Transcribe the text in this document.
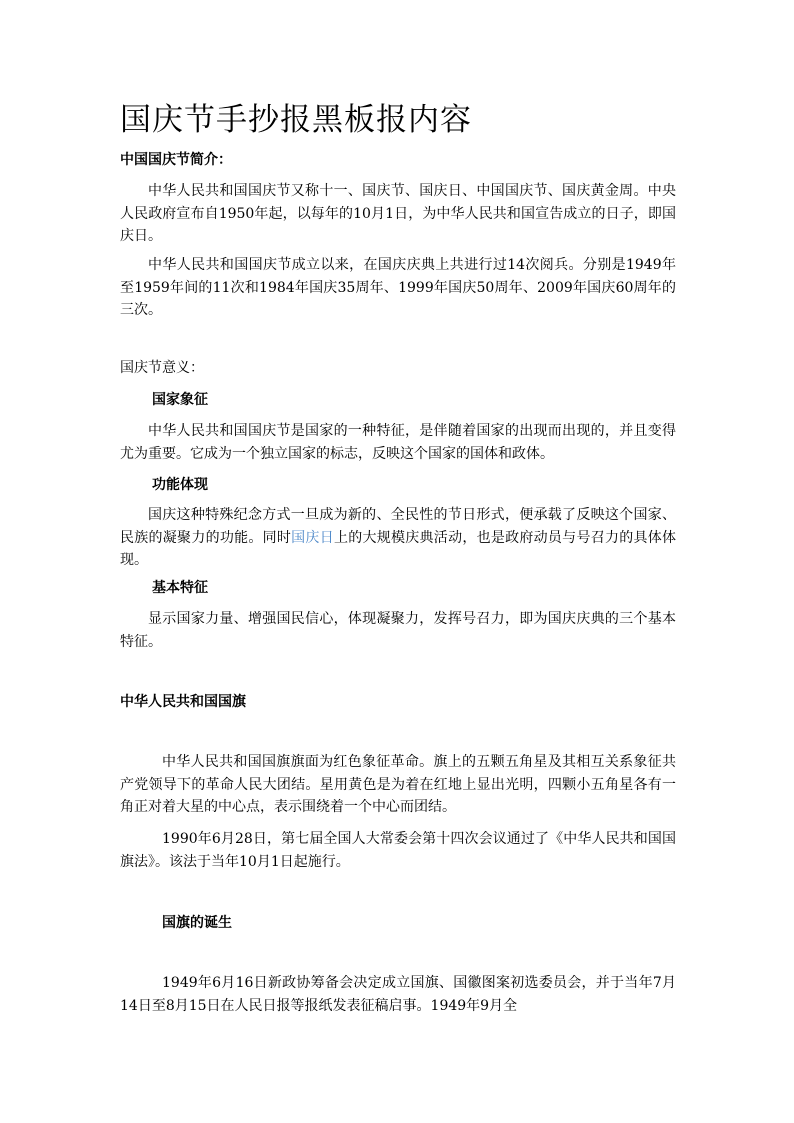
国庆节手抄报黑板报内容
中国国庆节简介：

中华人民共和国国庆节又称十一、国庆节、国庆日、中国国庆节、国庆黄金周。中央人民政府宣布自1950年起，以每年的10月1日，为中华人民共和国宣告成立的日子，即国庆日。

中华人民共和国国庆节成立以来，在国庆庆典上共进行过14次阅兵。分别是1949年至1959年间的11次和1984年国庆35周年、1999年国庆50周年、2009年国庆60周年的三次。

国庆节意义：
国家象征

中华人民共和国国庆节是国家的一种特征，是伴随着国家的出现而出现的，并且变得尤为重要。它成为一个独立国家的标志，反映这个国家的国体和政体。

功能体现

国庆这种特殊纪念方式一旦成为新的、全民性的节日形式，便承载了反映这个国家、民族的凝聚力的功能。同时国庆日上的大规模庆典活动，也是政府动员与号召力的具体体现。

基本特征

显示国家力量、增强国民信心，体现凝聚力，发挥号召力，即为国庆庆典的三个基本特征。

中华人民共和国国旗

中华人民共和国国旗旗面为红色象征革命。旗上的五颗五角星及其相互关系象征共产党领导下的革命人民大团结。星用黄色是为着在红地上显出光明，四颗小五角星各有一角正对着大星的中心点，表示围绕着一个中心而团结。

1990年6月28日，第七届全国人大常委会第十四次会议通过了《中华人民共和国国旗法》。该法于当年10月1日起施行。

国旗的诞生

1949年6月16日新政协筹备会决定成立国旗、国徽图案初选委员会，并于当年7月14日至8月15日在人民日报等报纸发表征稿启事。1949年9月全
